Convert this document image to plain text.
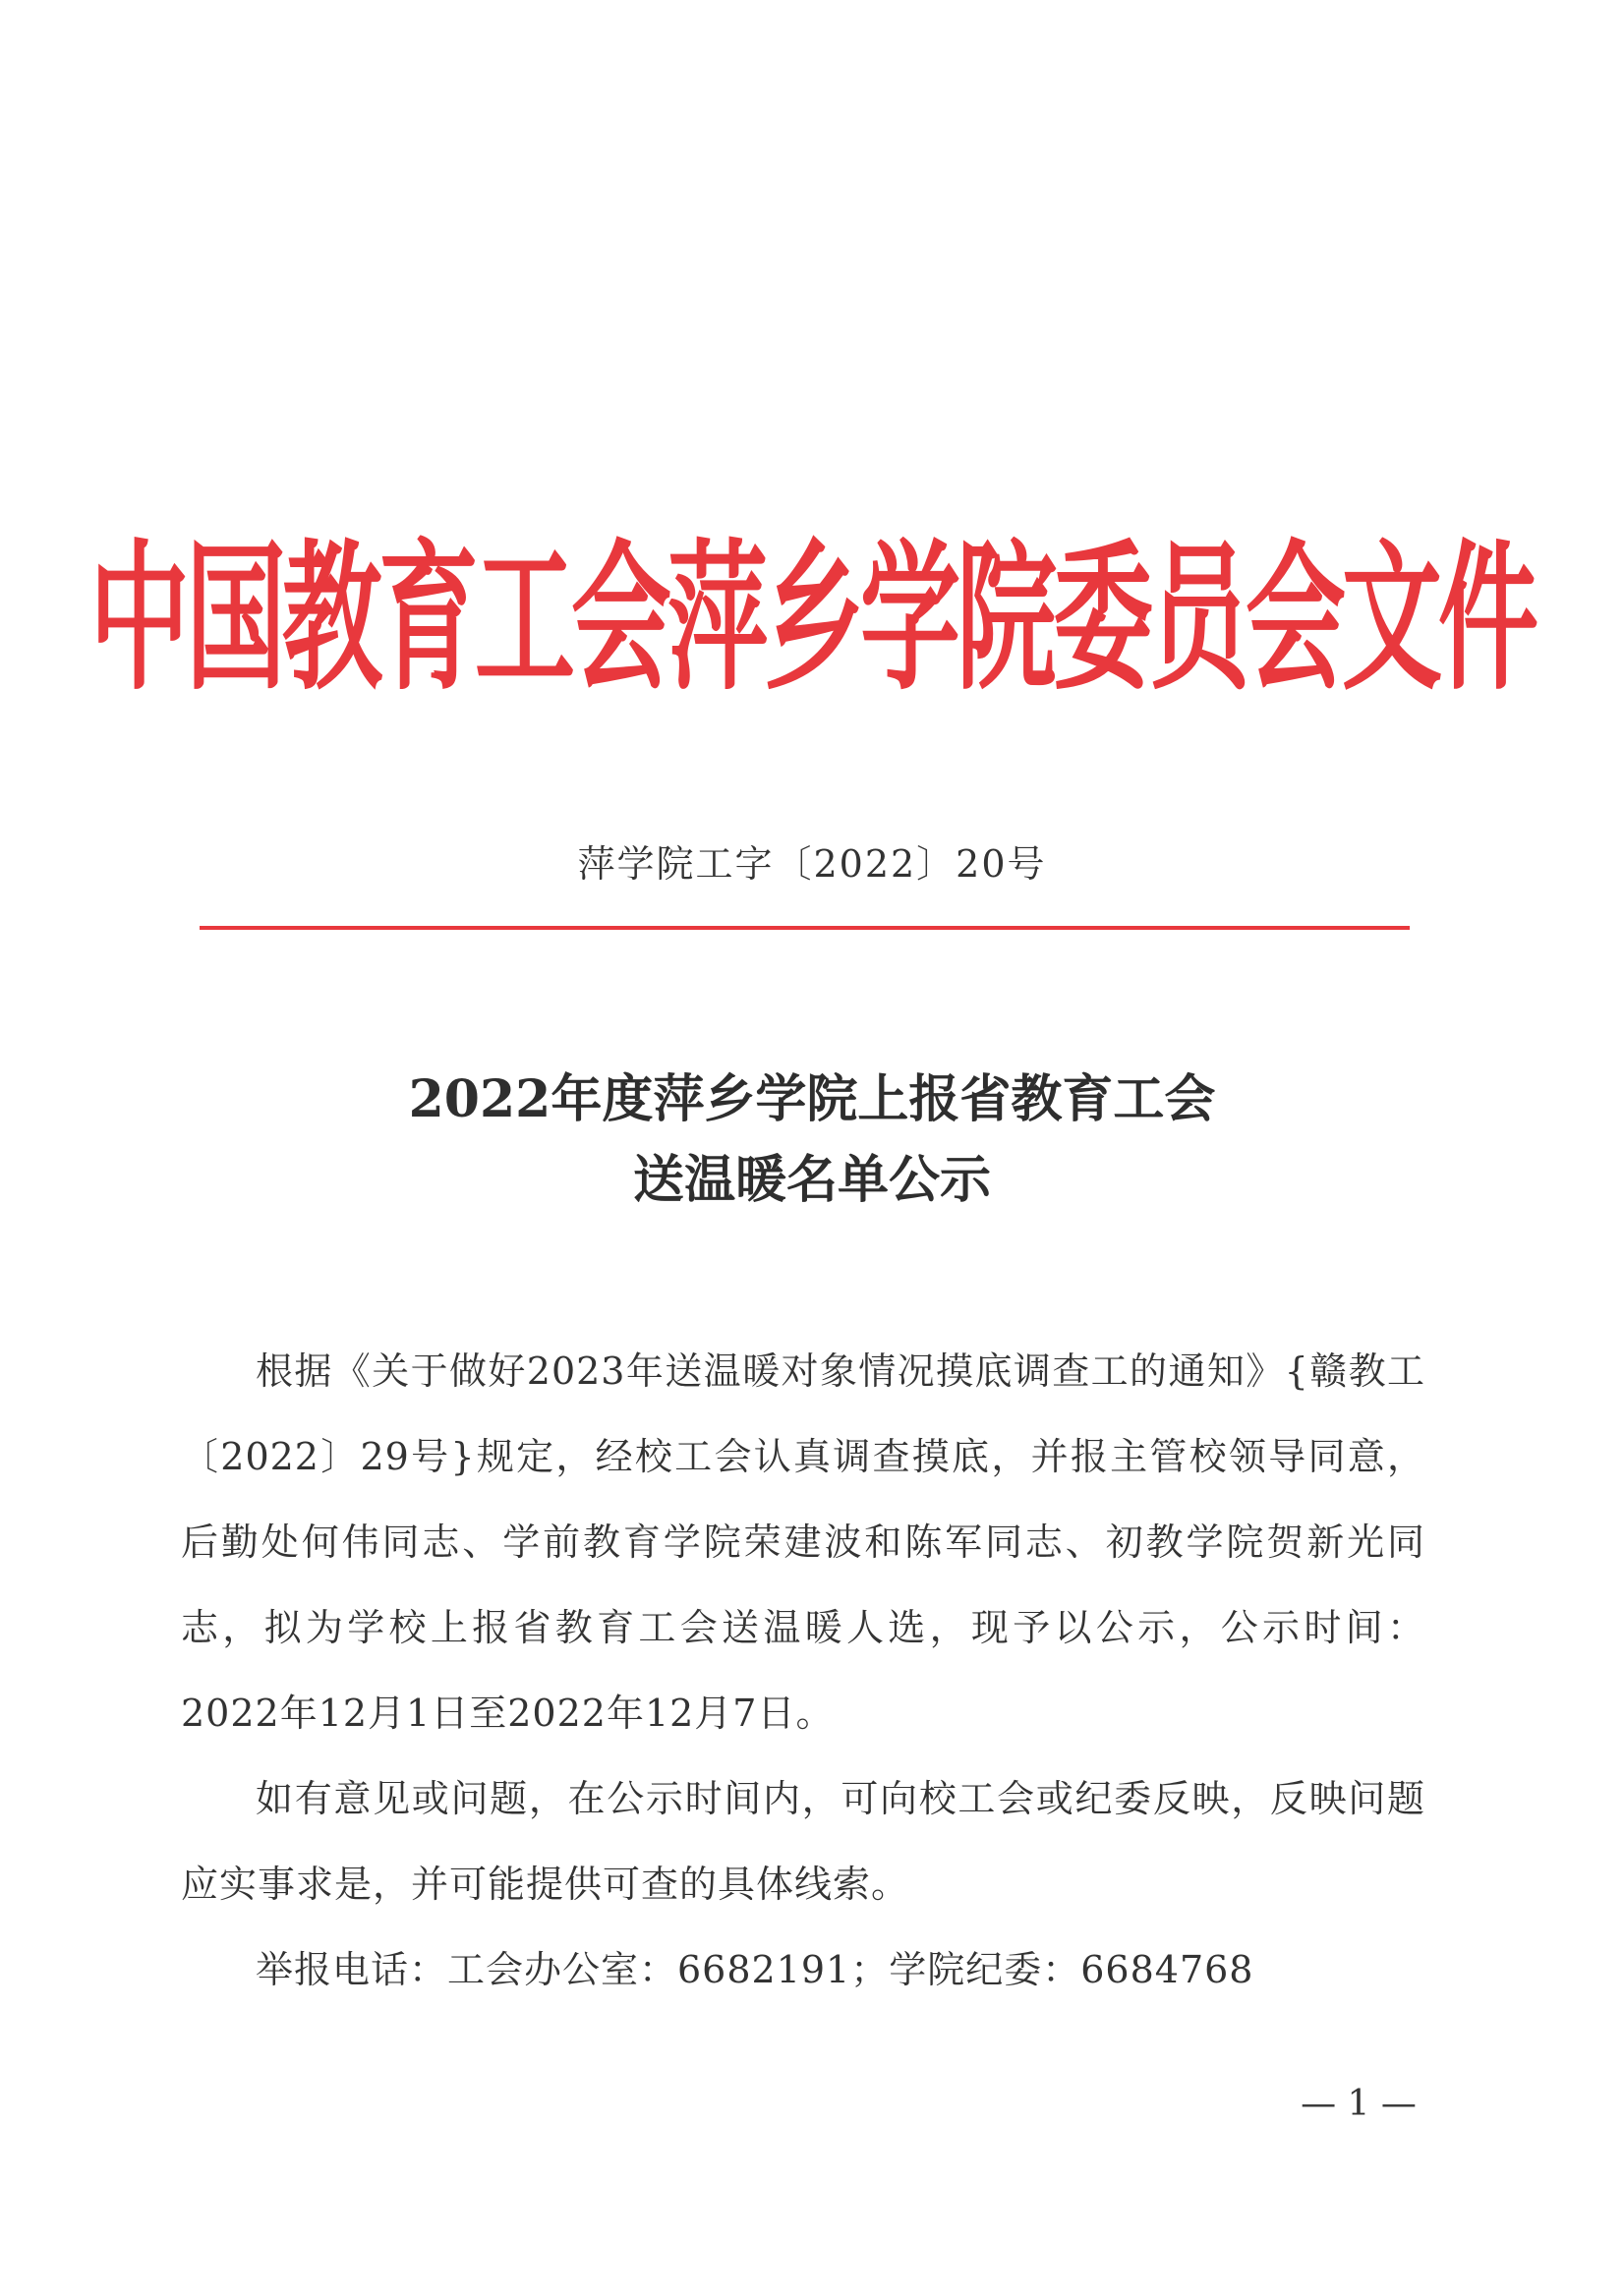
中国教育工会萍乡学院委员会文件
萍学院工字〔2022〕20号
2022年度萍乡学院上报省教育工会
送温暖名单公示

根据《关于做好2023年送温暖对象情况摸底调查工的通知》{赣教工〔2022〕29号}规定，经校工会认真调查摸底，并报主管校领导同意，后勤处何伟同志、学前教育学院荣建波和陈军同志、初教学院贺新光同志，拟为学校上报省教育工会送温暖人选，现予以公示，公示时间：2022年12月1日至2022年12月7日。

如有意见或问题，在公示时间内，可向校工会或纪委反映，反映问题应实事求是，并可能提供可查的具体线索。

举报电话：工会办公室：6682191；学院纪委：6684768

— 1 —
